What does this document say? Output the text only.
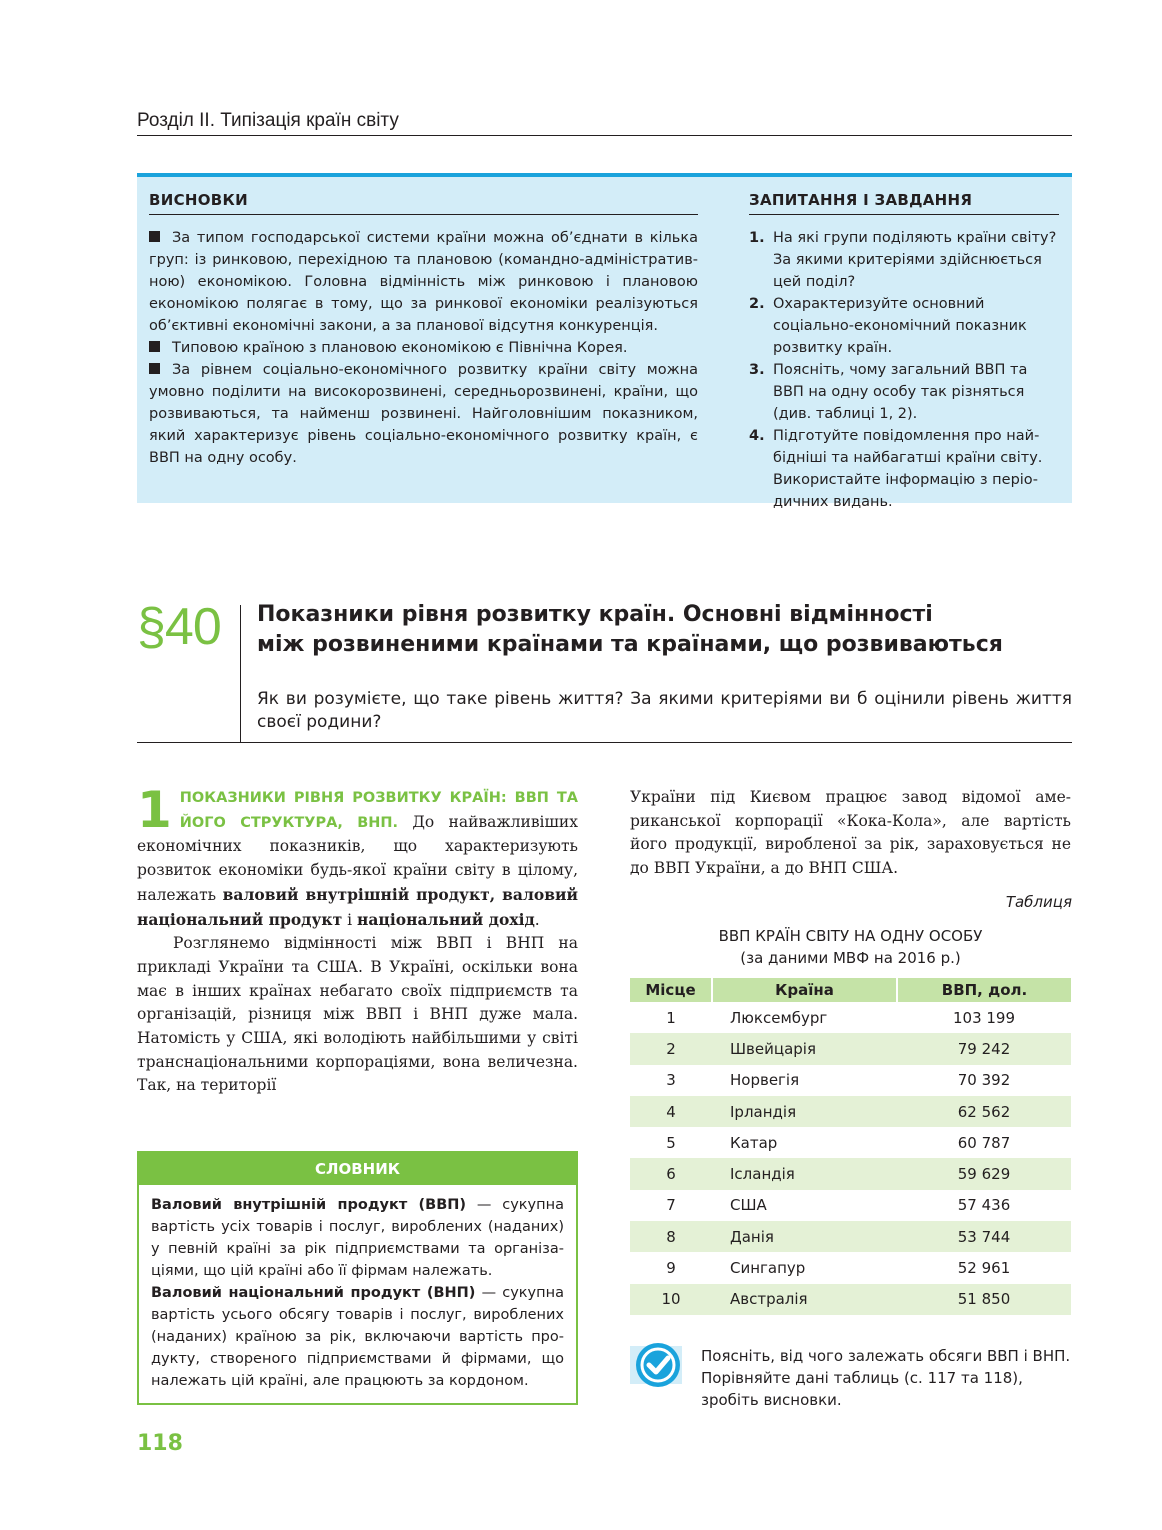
Розділ ІІ. Типізація країн світу
ВИСНОВКИ

За типом господарської системи країни можна об’єднати в кілька груп: із ринковою, перехідною та плановою (командно-адміністративною) економікою. Головна відмінність між ринковою і плановою економікою полягає в тому, що за ринкової економіки реалізуються об’єктивні економічні закони, а за планової відсутня конкуренція.

Типовою країною з плановою економікою є Північна Корея.

За рівнем соціально-економічного розвитку країни світу можна умовно поділити на високорозвинені, середньорозвинені, країни, що розвиваються, та найменш розвинені. Найголовнішим показником, який характеризує рівень соціально-економічного розвитку країн, є ВВП на одну особу.

ЗАПИТАННЯ І ЗАВДАННЯ
1. На які групи поділяють країни світу? За якими критеріями здійснюється цей поділ?
2. Охарактеризуйте основний соціально-економічний показник розвитку країн.
3. Поясніть, чому загальний ВВП та ВВП на одну особу так різняться (див. таблиці 1, 2).
4. Підготуйте повідомлення про найбідніші та найбагатші країни світу. Використайте інформацію з періодичних видань.
§40 Показники рівня розвитку країн. Основні відмінності
між розвиненими країнами та країнами, що розвиваються
Як ви розумієте, що таке рівень життя? За якими критеріями ви б оцінили рівень життя своєї родини?

1 ПОКАЗНИКИ РІВНЯ РОЗВИТКУ КРАЇН: ВВП ТА ЙОГО СТРУКТУРА, ВНП. До найважливіших економічних показників, що характеризують розвиток економіки будь-якої країни світу в цілому, належать валовий внутрішній продукт, валовий національний продукт і національний дохід.

Розглянемо відмінності між ВВП і ВНП на прикладі України та США. В Україні, оскільки вона має в інших країнах небагато своїх підприємств та організацій, різниця між ВВП і ВНП дуже мала. Натомість у США, які володіють найбільшими у світі транснаціональними корпораціями, вона величезна. Так, на території

СЛОВНИК

Валовий внутрішній продукт (ВВП) — сукупна вартість усіх товарів і послуг, вироблених (наданих) у певній країні за рік підприємствами та організаціями, що цій країні або її фірмам належать.

Валовий національний продукт (ВНП) — сукупна вартість усього обсягу товарів і послуг, вироблених (наданих) країною за рік, включаючи вартість продукту, створеного підприємствами й фірмами, що належать цій країні, але працюють за кордоном.

України під Києвом працює завод відомої американської корпорації «Кока-Кола», але вартість його продукції, виробленої за рік, зараховується не до ВВП України, а до ВНП США.

Таблиця
ВВП КРАЇН СВІТУ НА ОДНУ ОСОБУ
(за даними МВФ на 2016 р.)
Місце	Країна	ВВП, дол.
1	Люксембург	103 199
2	Швейцарія	79 242
3	Норвегія	70 392
4	Ірландія	62 562
5	Катар	60 787
6	Ісландія	59 629
7	США	57 436
8	Данія	53 744
9	Сингапур	52 961
10	Австралія	51 850
Поясніть, від чого залежать обсяги ВВП і ВНП. Порівняйте дані таблиць (с. 117 та 118), зробіть висновки.
118
